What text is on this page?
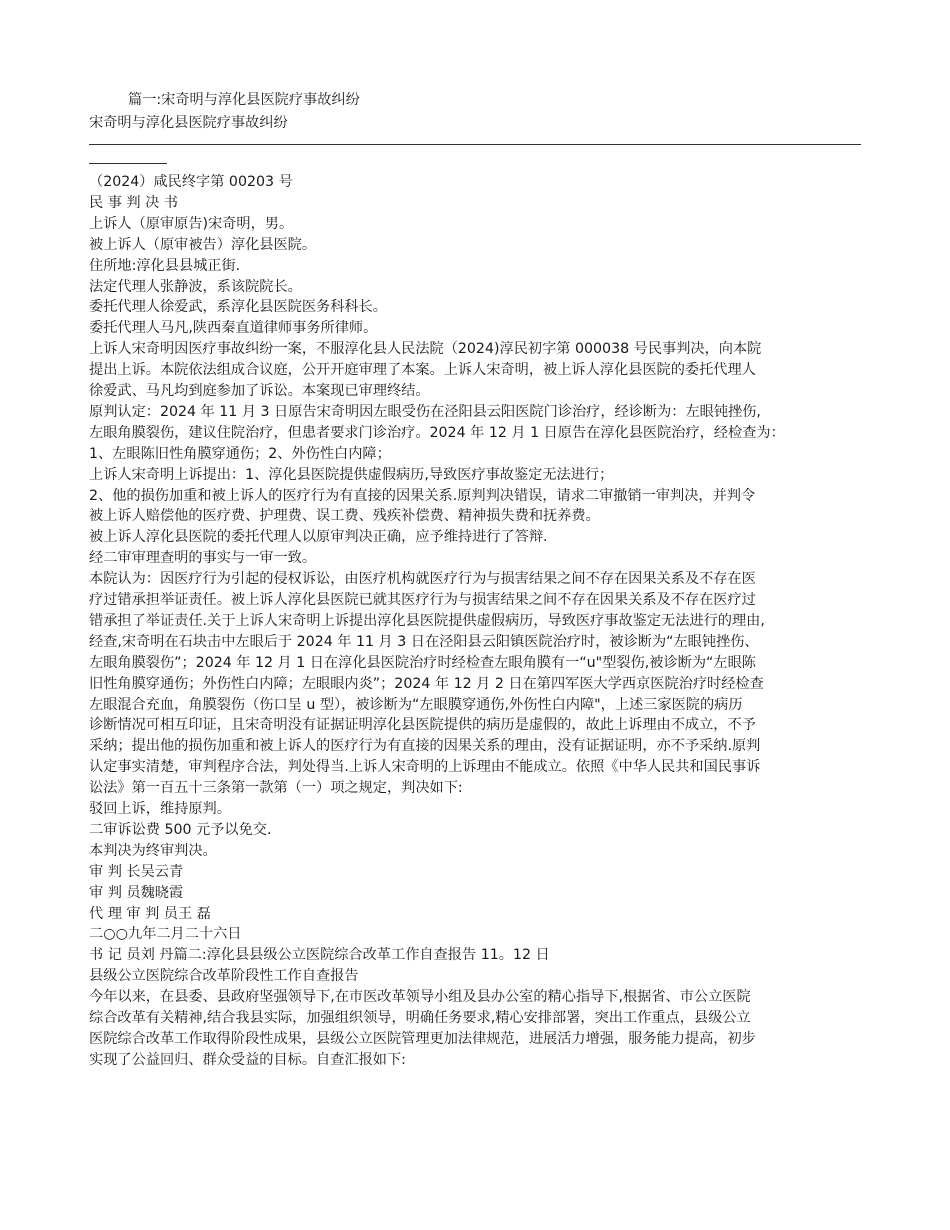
篇一:宋奇明与淳化县医院疗事故纠纷
宋奇明与淳化县医院疗事故纠纷
（2024）咸民终字第 00203 号
民 事 判 决 书
上诉人（原审原告)宋奇明，男。
被上诉人（原审被告）淳化县医院。
住所地:淳化县县城正街.
法定代理人张静波，系该院院长。
委托代理人徐爱武，系淳化县医院医务科科长。
委托代理人马凡,陕西秦直道律师事务所律师。
上诉人宋奇明因医疗事故纠纷一案，不服淳化县人民法院（2024)淳民初字第 000038 号民事判决，向本院
提出上诉。本院依法组成合议庭，公开开庭审理了本案。上诉人宋奇明，被上诉人淳化县医院的委托代理人
徐爱武、马凡均到庭参加了诉讼。本案现已审理终结。
原判认定：2024 年 11 月 3 日原告宋奇明因左眼受伤在泾阳县云阳医院门诊治疗，经诊断为：左眼钝挫伤,
左眼角膜裂伤，建议住院治疗，但患者要求门诊治疗。2024 年 12 月 1 日原告在淳化县医院治疗，经检查为：
1、左眼陈旧性角膜穿通伤；2、外伤性白内障；
上诉人宋奇明上诉提出：1、淳化县医院提供虚假病历,导致医疗事故鉴定无法进行；
2、他的损伤加重和被上诉人的医疗行为有直接的因果关系.原判判决错误，请求二审撤销一审判决，并判令
被上诉人赔偿他的医疗费、护理费、误工费、残疾补偿费、精神损失费和抚养费。
被上诉人淳化县医院的委托代理人以原审判决正确，应予维持进行了答辩.
经二审审理查明的事实与一审一致。
本院认为：因医疗行为引起的侵权诉讼，由医疗机构就医疗行为与损害结果之间不存在因果关系及不存在医
疗过错承担举证责任。被上诉人淳化县医院已就其医疗行为与损害结果之间不存在因果关系及不存在医疗过
错承担了举证责任.关于上诉人宋奇明上诉提出淳化县医院提供虚假病历，导致医疗事故鉴定无法进行的理由,
经查,宋奇明在石块击中左眼后于 2024 年 11 月 3 日在泾阳县云阳镇医院治疗时，被诊断为“左眼钝挫伤、
左眼角膜裂伤”；2024 年 12 月 1 日在淳化县医院治疗时经检查左眼角膜有一“u"型裂伤,被诊断为“左眼陈
旧性角膜穿通伤；外伤性白内障；左眼眼内炎”；2024 年 12 月 2 日在第四军医大学西京医院治疗时经检查
左眼混合充血，角膜裂伤（伤口呈 u 型），被诊断为“左眼膜穿通伤,外伤性白内障"，上述三家医院的病历
诊断情况可相互印证，且宋奇明没有证据证明淳化县医院提供的病历是虚假的，故此上诉理由不成立，不予
采纳；提出他的损伤加重和被上诉人的医疗行为有直接的因果关系的理由，没有证据证明，亦不予采纳.原判
认定事实清楚，审判程序合法，判处得当.上诉人宋奇明的上诉理由不能成立。依照《中华人民共和国民事诉
讼法》第一百五十三条第一款第（一）项之规定，判决如下:
驳回上诉，维持原判。
二审诉讼费 500 元予以免交.
本判决为终审判决。
审 判 长吴云青
审 判 员魏晓霞
代 理 审 判 员王 磊
二○○九年二月二十六日
书 记 员刘 丹篇二:淳化县县级公立医院综合改革工作自查报告 11。12 日
县级公立医院综合改革阶段性工作自查报告
今年以来，在县委、县政府坚强领导下,在市医改革领导小组及县办公室的精心指导下,根据省、市公立医院
综合改革有关精神,结合我县实际，加强组织领导，明确任务要求,精心安排部署，突出工作重点，县级公立
医院综合改革工作取得阶段性成果，县级公立医院管理更加法律规范，进展活力增强，服务能力提高，初步
实现了公益回归、群众受益的目标。自查汇报如下:
